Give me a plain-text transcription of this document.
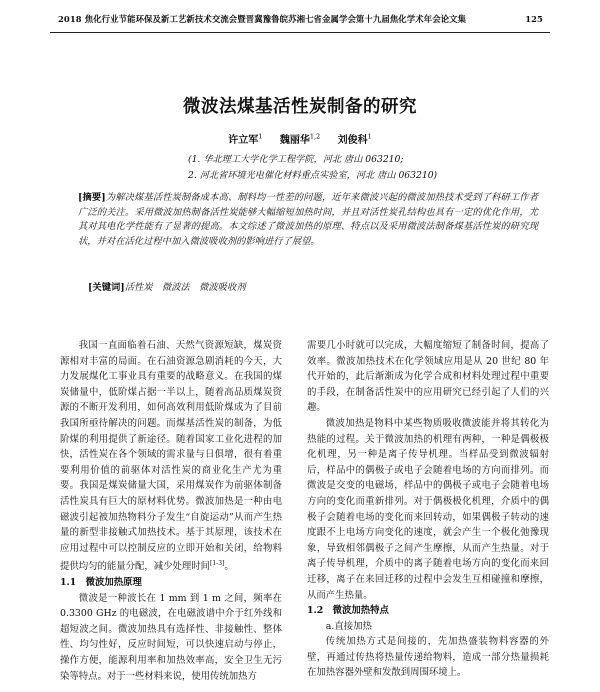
2018 焦化行业节能环保及新工艺新技术交流会暨晋冀豫鲁皖苏湘七省金属学会第十九届焦化学术年会论文集	125
微波法煤基活性炭制备的研究
许立军$^1$ 魏丽华$^{1,2}$ 刘俊科$^1$
(1. 华北理工大学化学工程学院，河北 唐山 063210;
2. 河北省环境光电催化材料重点实验室，河北 唐山 063210)
[摘要]为解决煤基活性炭制备成本高、制料均一性差的问题，近年来微波兴起的微波加热技术受到了科研工作者广泛的关注。采用微波加热制备活性炭能够大幅缩短加热时间，并且对活性炭孔结构也具有一定的优化作用，尤其对其电化学性能有了显著的提高。本文综述了微波加热的原理、特点以及采用微波法制备煤基活性炭的研究现状，并对在活化过程中加入微波吸收剂的影响进行了展望。
[关键词]活性炭　微波法　微波吸收剂

我国一直面临着石油、天然气资源短缺，煤炭资源相对丰富的局面。在石油资源急剧消耗的今天，大力发展煤化工事业具有重要的战略意义。在我国的煤炭储量中，低阶煤占据一半以上，随着高品质煤炭资源的不断开发利用，如何高效利用低阶煤成为了目前我国所亟待解决的问题。而煤基活性炭的制备，为低阶煤的利用提供了新途径。随着国家工业化进程的加快，活性炭在各个领域的需求量与日俱增，很有着重要利用价值的前驱体对活性炭的商业化生产尤为重要。我国是煤炭储量大国，采用煤炭作为前驱体制备活性炭具有巨大的原材料优势。微波加热是一种由电磁波引起被加热物料分子发生“自旋运动”从而产生热量的新型非接触式加热技术。基于其原理，该技术在应用过程中可以控制反应的立即开始和关闭，给物料提供均匀的能量分配，减少处理时间[1-3]。

1.1　微波加热原理

微波是一种波长在 1 mm 到 1 m 之间，频率在 0.3300 GHz 的电磁波，在电磁波谱中介于红外线和超短波之间。微波加热具有选择性、非接触性、整体性、均匀性好，反应时间短，可以快速启动与停止，操作方便，能源利用率和加热效率高，安全卫生无污染等特点。对于一些材料来说，使用传统加热方

需要几小时就可以完成，大幅度缩短了制备时间，提高了效率。微波加热技术在化学领域应用是从 20 世纪 80 年代开始的，此后渐渐成为化学合成和材料处理过程中重要的手段，在制备活性炭中的应用研究已经引起了人们的兴趣。

微波加热是物料中某些物质吸收微波能并将其转化为热能的过程。关于微波加热的机理有两种，一种是偶极极化机理，另一种是离子传导机理。当样品受到微波辐射后，样品中的偶极子或电子会随着电场的方向而排列。而微波是交变的电磁场，样品中的偶极子或电子会随着电场方向的变化而重新排列。对于偶极极化机理，介质中的偶极子会随着电场的变化而来回转动，如果偶极子转动的速度跟不上电场方向变化的速度，就会产生一个极化弛豫现象，导致相邻偶极子之间产生摩擦，从而产生热量。对于离子传导机理，介质中的离子随着电场方向的变化而来回迁移，离子在来回迁移的过程中会发生互相碰撞和摩擦，从而产生热量。

1.2　微波加热特点
a.直接加热

传统加热方式是间接的，先加热盛装物料容器的外壁，再通过传热将热量传递给物料，造成一部分热量损耗在加热容器外壁和发散到周围环境上。
